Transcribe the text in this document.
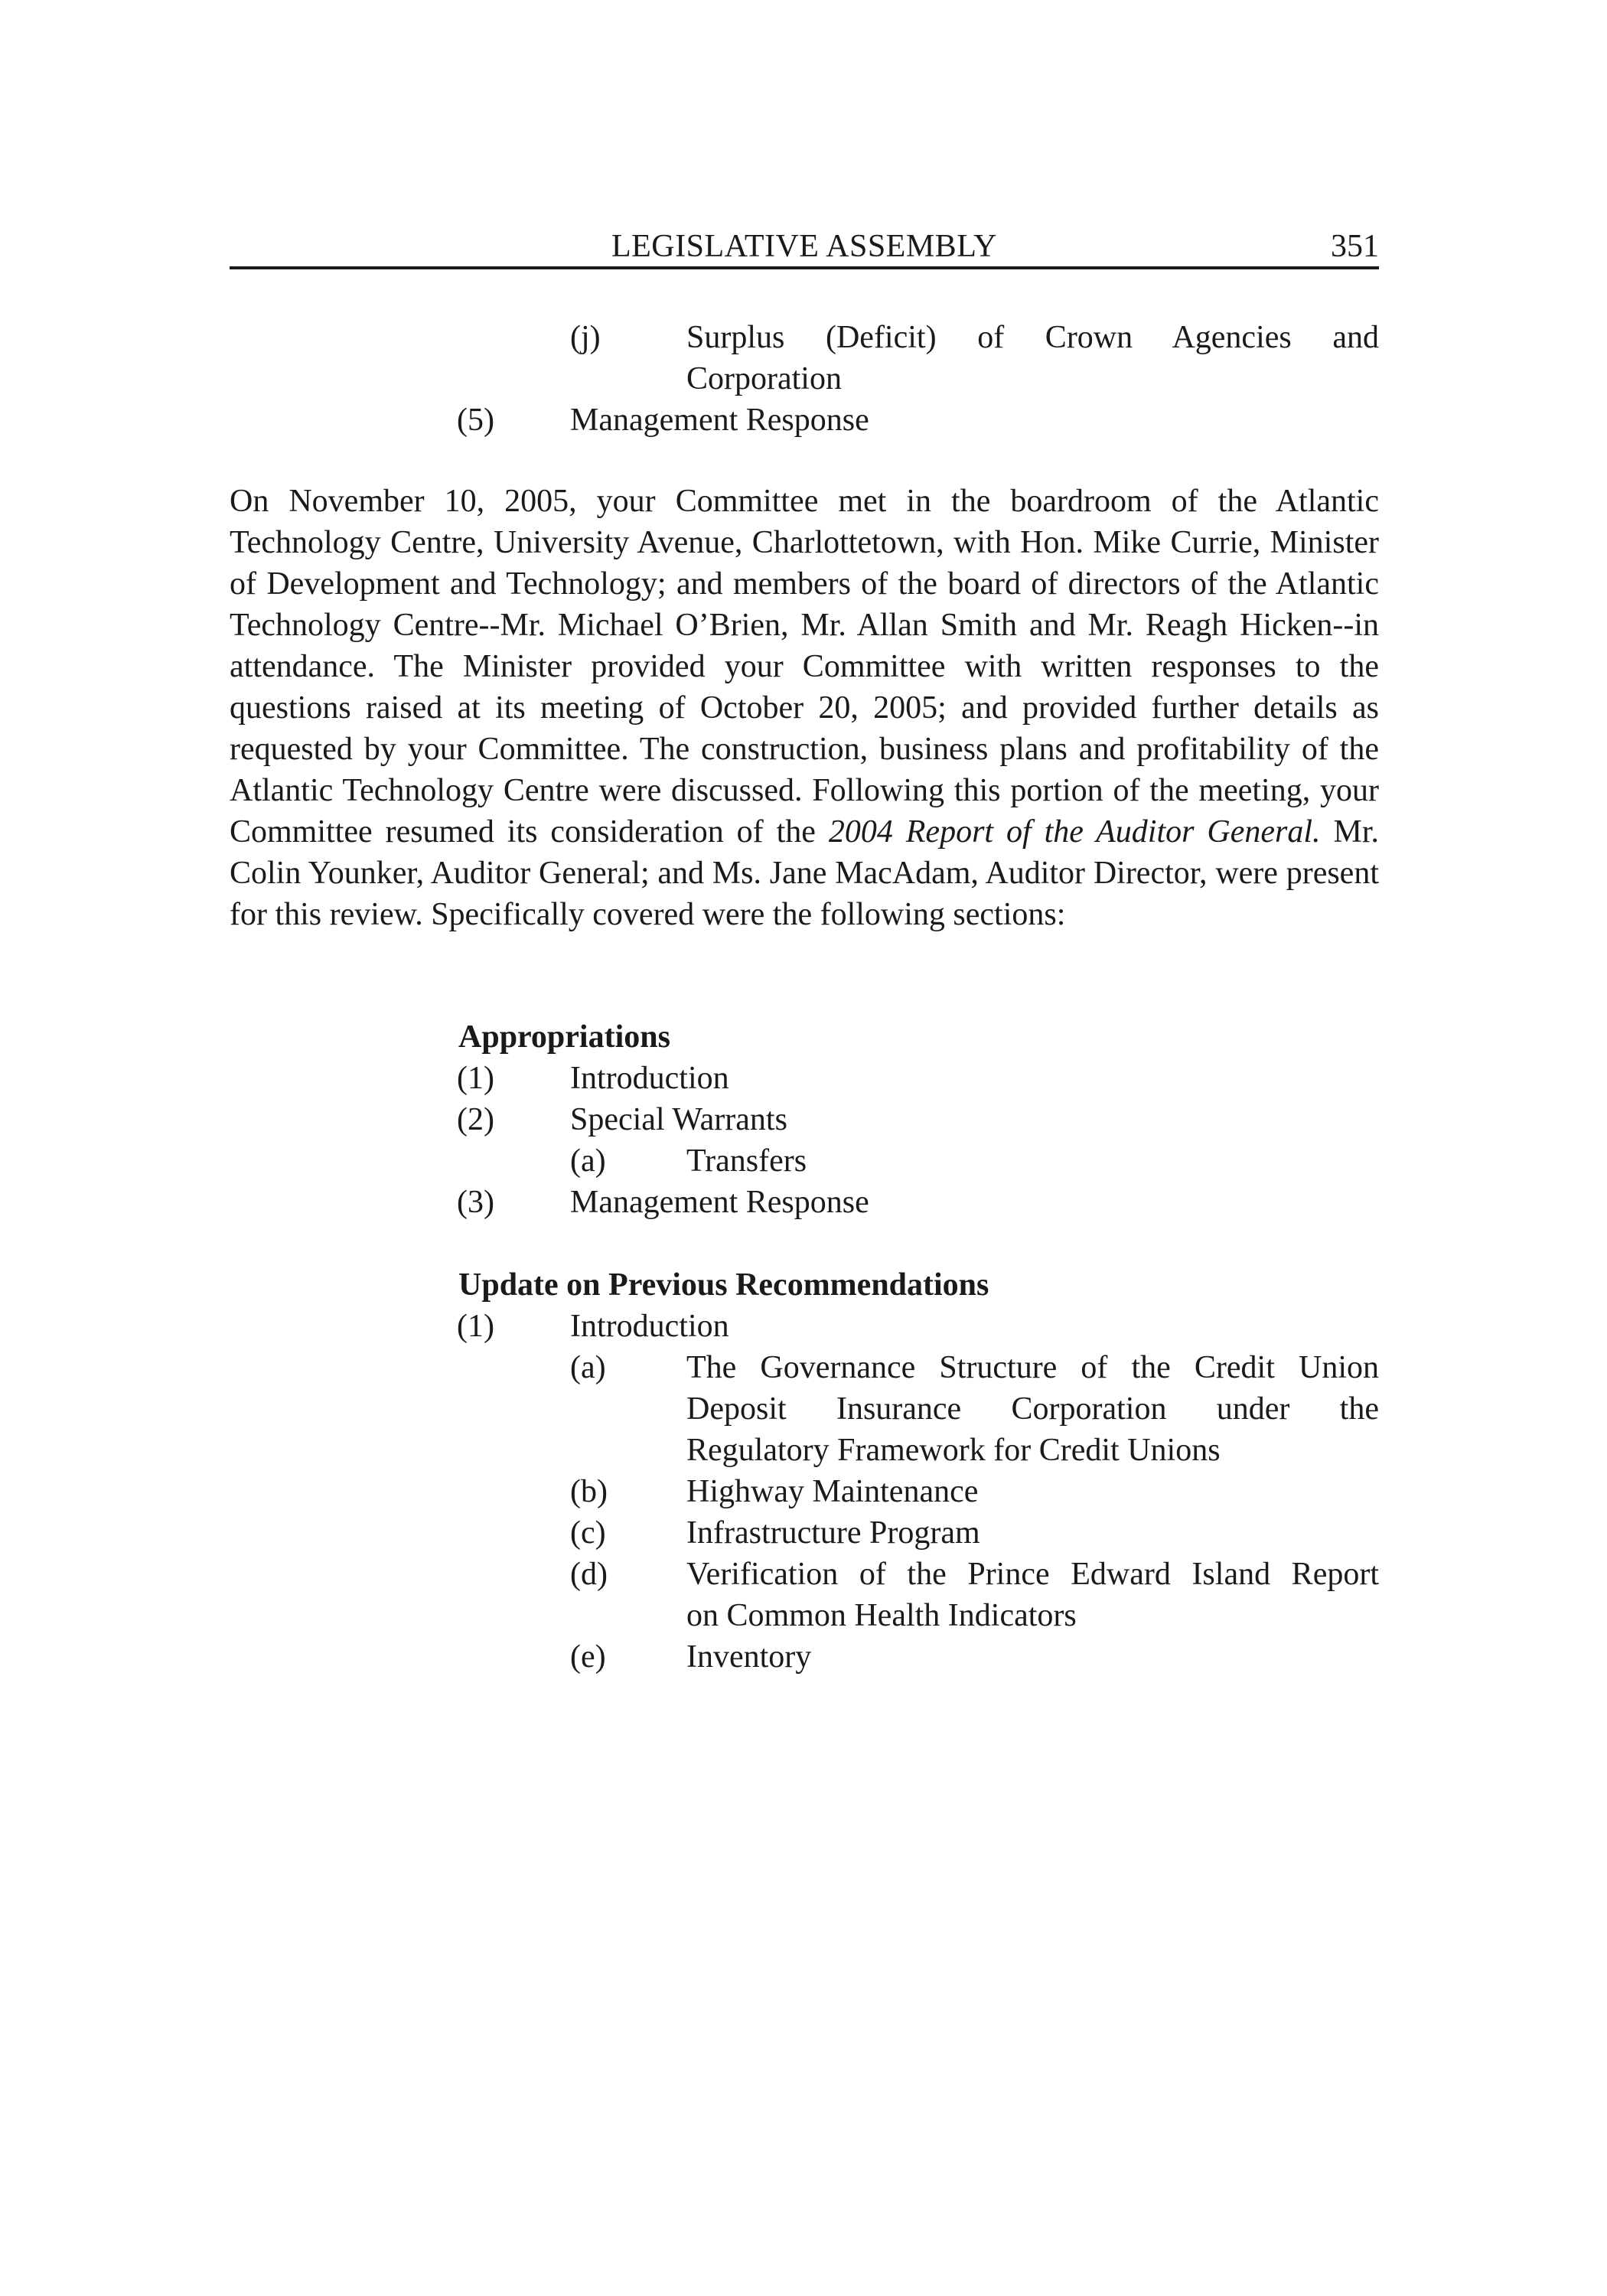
LEGISLATIVE ASSEMBLY	351
(j)	Surplus (Deficit) of Crown Agencies and
Corporation
(5) Management Response

On November 10, 2005, your Committee met in the boardroom of the Atlantic Technology Centre, University Avenue, Charlottetown, with Hon. Mike Currie, Minister of Development and Technology; and members of the board of directors of the Atlantic Technology Centre--Mr. Michael O’Brien, Mr. Allan Smith and Mr. Reagh Hicken--in attendance. The Minister provided your Committee with written responses to the questions raised at its meeting of October 20, 2005; and provided further details as requested by your Committee. The construction, business plans and profitability of the Atlantic Technology Centre were discussed. Following this portion of the meeting, your Committee resumed its consideration of the 2004 Report of the Auditor General. Mr. Colin Younker, Auditor General; and Ms. Jane MacAdam, Auditor Director, were present for this review. Specifically covered were the following sections:

Appropriations
(1) Introduction
(2) Special Warrants
(a)	Transfers
(3) Management Response
Update on Previous Recommendations
(1) Introduction
(a)	The Governance Structure of the Credit Union
Deposit Insurance Corporation under the
Regulatory Framework for Credit Unions
(b) Highway Maintenance
(c)	Infrastructure Program
(d) Verification of the Prince Edward Island Report
on Common Health Indicators
(e)	Inventory
